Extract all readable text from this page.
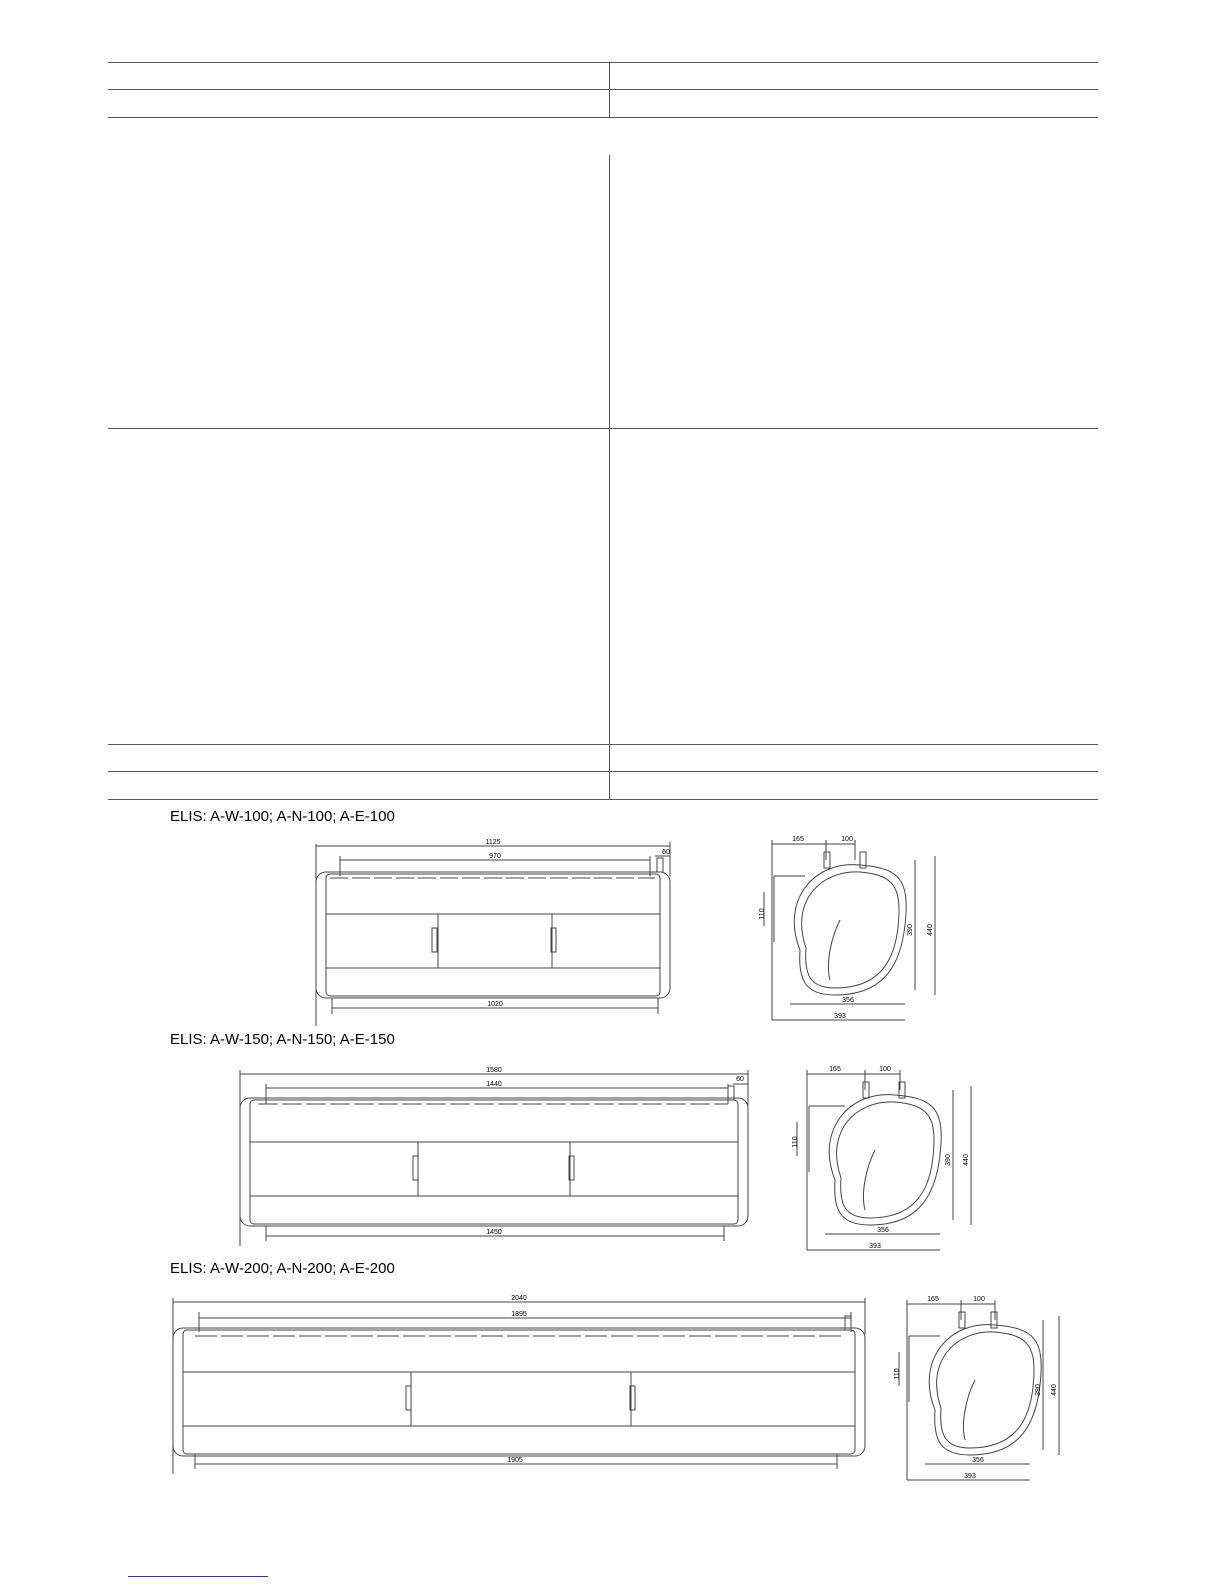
ELIS: A-W-100; A-N-100; A-E-100
1125
970
60
1020
165	100
110
390 440
356
393
ELIS: A-W-150; A-N-150; A-E-150
1580
1440
60
1450
165	100
110
390 440
356
393
ELIS: A-W-200; A-N-200; A-E-200
2040
1895
1905
165	100
110
390 440
356
393
